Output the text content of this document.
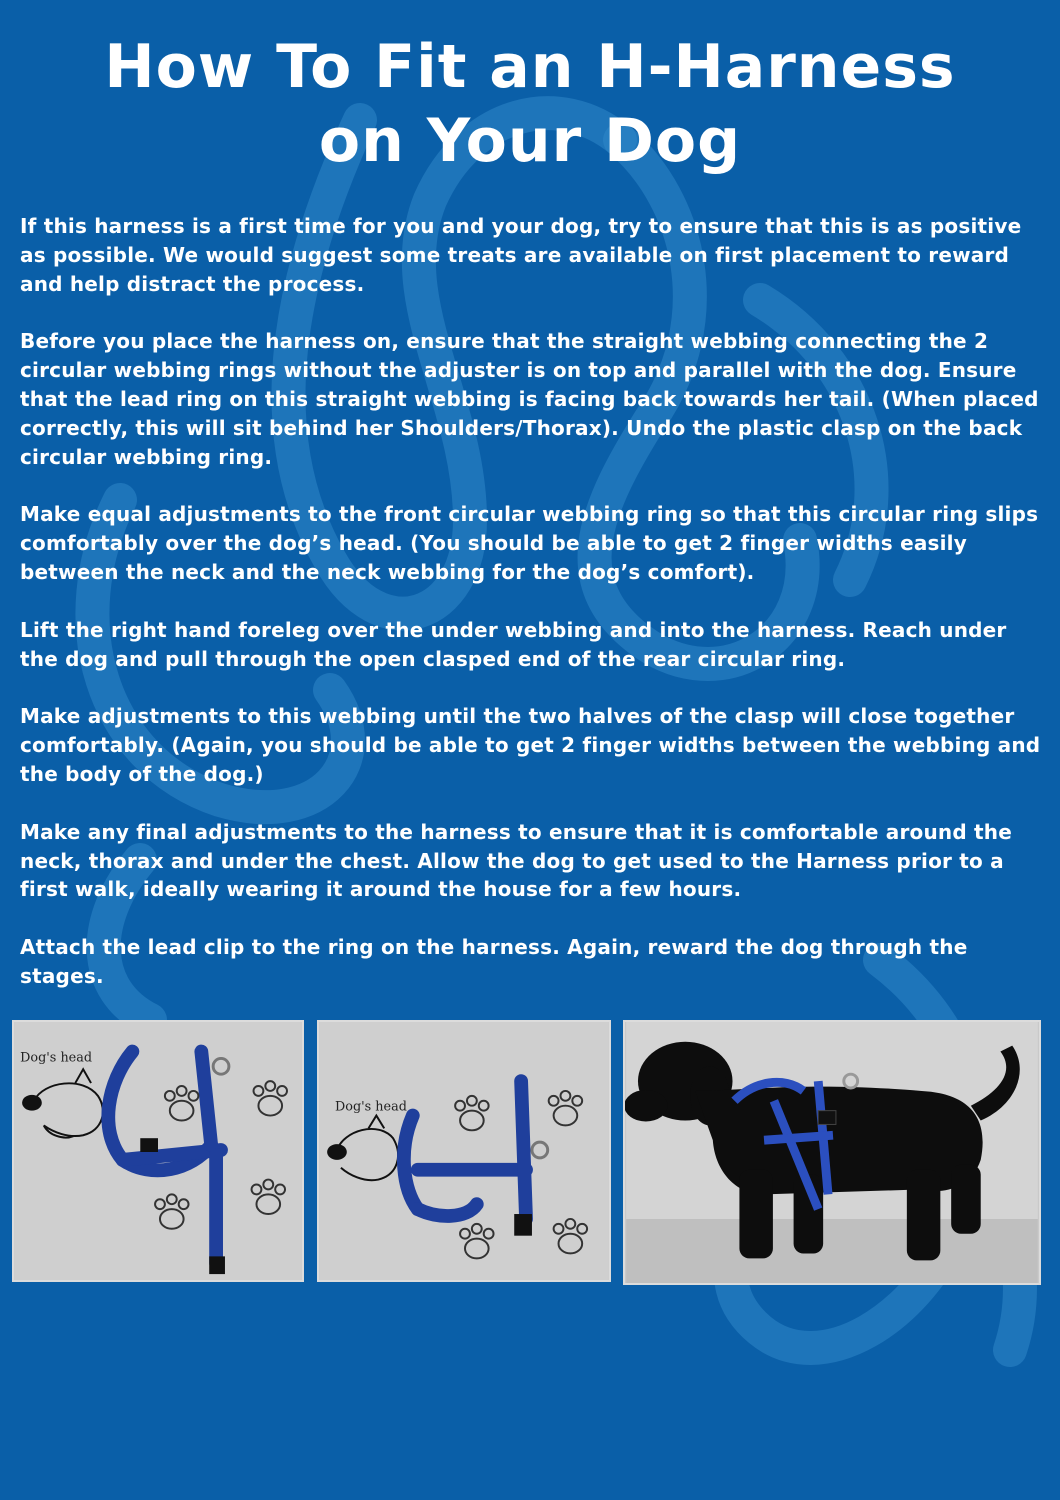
How To Fit an H-Harness
on Your Dog

If this harness is a first time for you and your dog, try to ensure that this is as positive as possible. We would suggest some treats are available on first placement to reward and help distract the process.

Before you place the harness on, ensure that the straight webbing connecting the 2 circular webbing rings without the adjuster is on top and parallel with the dog. Ensure that the lead ring on this straight webbing is facing back towards her tail. (When placed correctly, this will sit behind her Shoulders/Thorax). Undo the plastic clasp on the back circular webbing ring.

Make equal adjustments to the front circular webbing ring so that this circular ring slips comfortably over the dog’s head. (You should be able to get 2 finger widths easily between the neck and the neck webbing for the dog’s comfort).

Lift the right hand foreleg over the under webbing and into the harness. Reach under the dog and pull through the open clasped end of the rear circular ring.

Make adjustments to this webbing until the two halves of the clasp will close together comfortably. (Again, you should be able to get 2 finger widths between the webbing and the body of the dog.)

Make any final adjustments to the harness to ensure that it is comfortable around the neck, thorax and under the chest. Allow the dog to get used to the Harness prior to a first walk, ideally wearing it around the house for a few hours.

Attach the lead clip to the ring on the harness. Again, reward the dog through the stages.

Dog's head
Dog's head
